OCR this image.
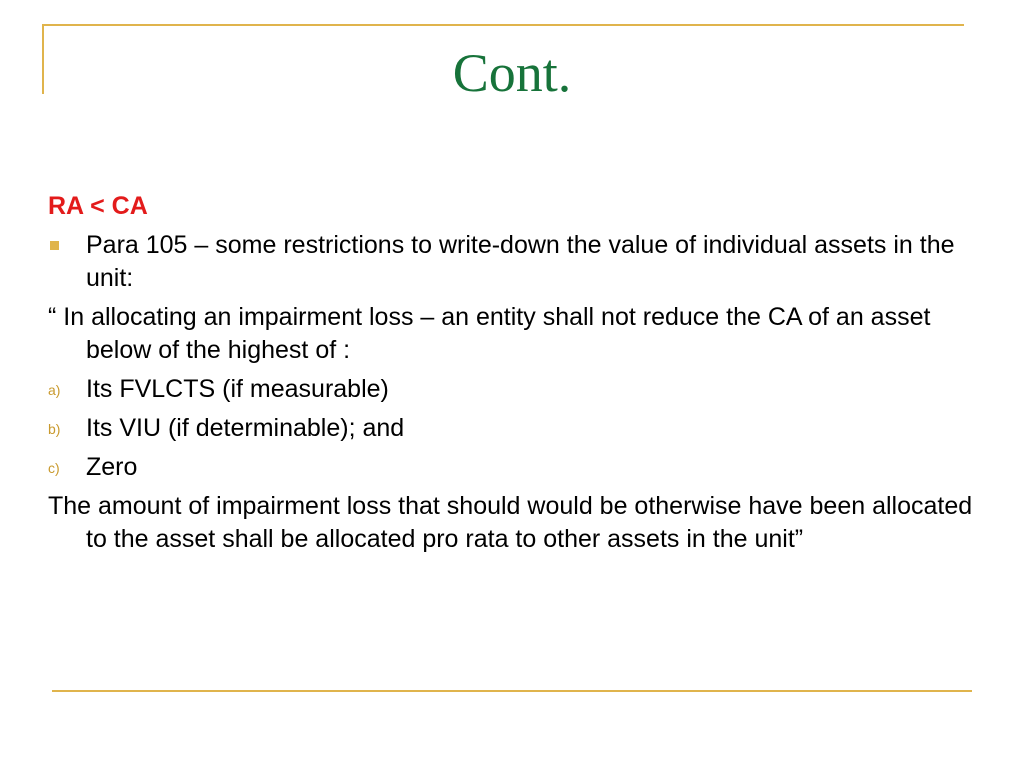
Cont.
RA < CA
Para 105 – some restrictions to write-down the value of individual assets in the unit:
“ In allocating an impairment loss – an entity shall not reduce the CA of an asset below of the highest of :
a) Its FVLCTS (if measurable)
b) Its VIU (if determinable); and
c) Zero
The amount of impairment loss that should would be otherwise have been allocated to the asset shall be allocated pro rata to other assets in the unit”
